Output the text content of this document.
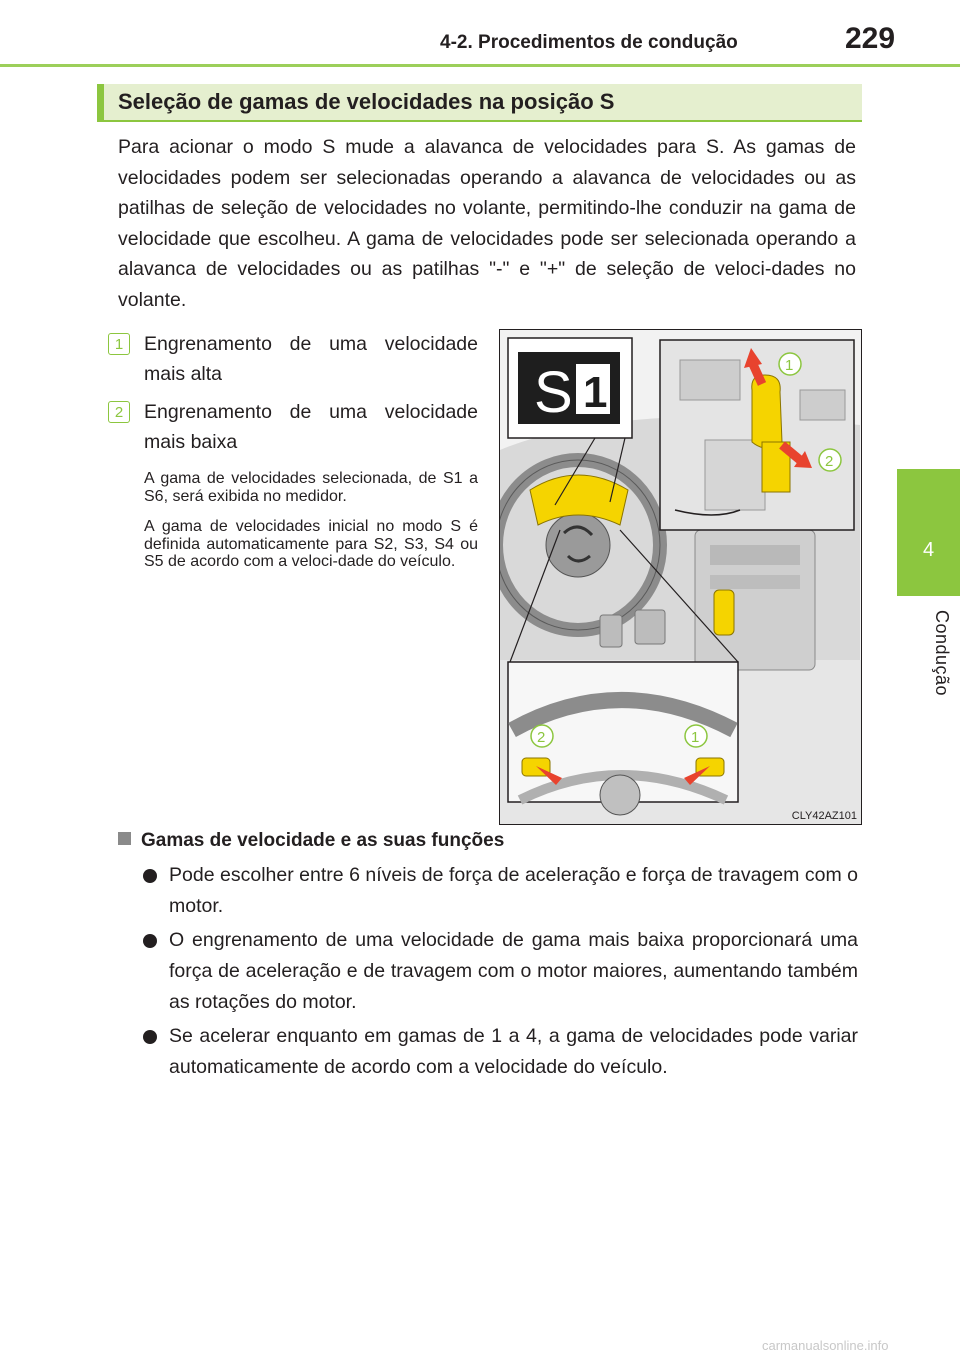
4-2. Procedimentos de condução	229
4
Condução
Seleção de gamas de velocidades na posição S
Para acionar o modo S mude a alavanca de velocidades para S. As gamas de velocidades podem ser selecionadas operando a alavanca de velocidades ou as patilhas de seleção de velocidades no volante, permitindo-lhe conduzir na gama de velocidade que escolheu. A gama de velocidades pode ser selecionada operando a alavanca de velocidades ou as patilhas "-" e "+" de seleção de veloci-dades no volante.
1	Engrenamento de uma velocidade mais alta
2	Engrenamento de uma velocidade mais baixa
A gama de velocidades selecionada, de S1 a S6, será exibida no medidor.
A gama de velocidades inicial no modo S é definida automaticamente para S2, S3, S4 ou S5 de acordo com a veloci-dade do veículo.
S 1
1
2
2	1
CLY42AZ101
Gamas de velocidade e as suas funções
Pode escolher entre 6 níveis de força de aceleração e força de travagem com o motor.
O engrenamento de uma velocidade de gama mais baixa proporcionará uma força de aceleração e de travagem com o motor maiores, aumentando também as rotações do motor.
Se acelerar enquanto em gamas de 1 a 4, a gama de velocidades pode variar automaticamente de acordo com a velocidade do veículo.
carmanualsonline.info
